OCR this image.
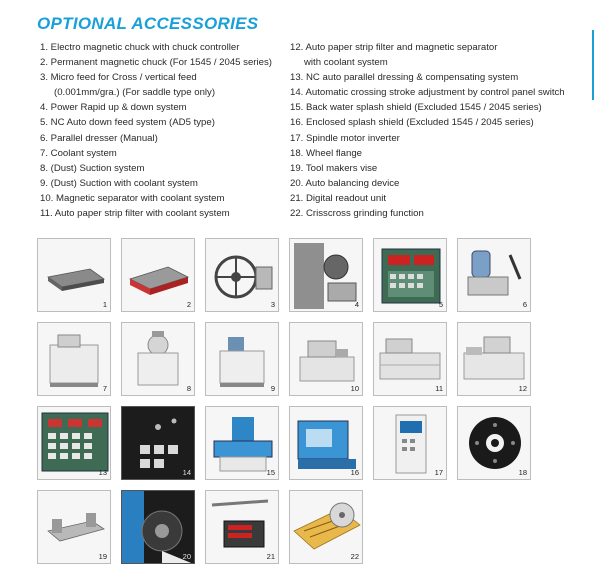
OPTIONAL ACCESSORIES
1. Electro magnetic chuck with chuck controller
2. Permanent magnetic chuck (For 1545 / 2045 series)
3. Micro feed for Cross / vertical feed
(0.001mm/gra.) (For saddle type only)
4. Power Rapid up & down system
5. NC Auto down feed system (AD5 type)
6. Parallel dresser (Manual)
7. Coolant system
8. (Dust) Suction system
9. (Dust) Suction with coolant system
10. Magnetic separator with coolant system
11. Auto paper strip filter with coolant system
12. Auto paper strip filter and magnetic separator
with coolant system
13. NC auto parallel dressing & compensating system
14. Automatic crossing stroke adjustment by control panel switch
15. Back water splash shield (Excluded 1545 / 2045 series)
16. Enclosed splash shield (Excluded 1545 / 2045 series)
17. Spindle motor inverter
18. Wheel flange
19. Tool makers vise
20. Auto balancing device
21. Digital readout unit
22. Crisscross grinding function
1	2	3	4	5	6
7	8	9	10	11	12
13	14	15	16	17	18
19	20	21	22
